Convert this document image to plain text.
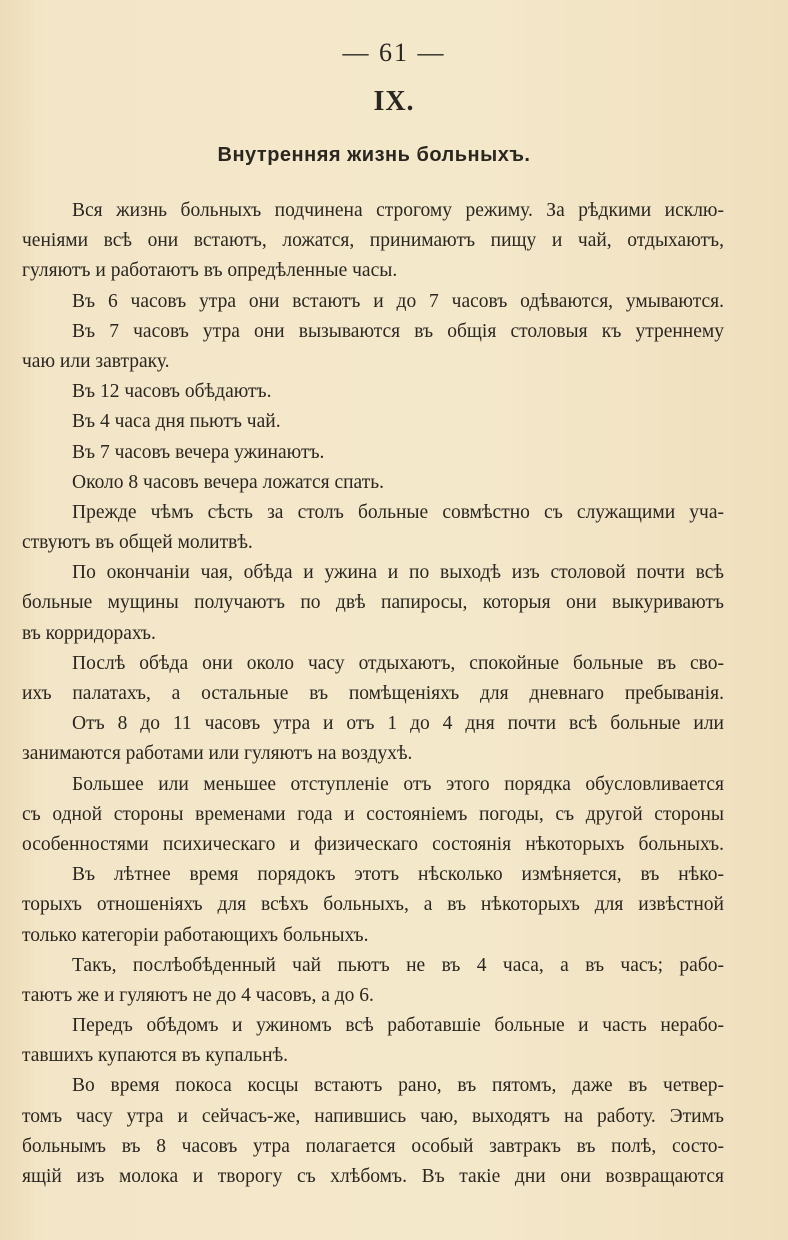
— 61 —
IX.
Внутренняя жизнь больныхъ.
Вся жизнь больныхъ подчинена строгому режиму. За рѣдкими исклю-
ченіями всѣ они встаютъ, ложатся, принимаютъ пищу и чай, отдыхаютъ,
гуляютъ и работаютъ въ опредѣленные часы.
Въ 6 часовъ утра они встаютъ и до 7 часовъ одѣваются, умываются.
Въ 7 часовъ утра они вызываются въ общія столовыя къ утреннему
чаю или завтраку.
Въ 12 часовъ обѣдаютъ.
Въ 4 часа дня пьютъ чай.
Въ 7 часовъ вечера ужинаютъ.
Около 8 часовъ вечера ложатся спать.
Прежде чѣмъ сѣсть за столъ больные совмѣстно съ служащими уча-
ствуютъ въ общей молитвѣ.
По окончаніи чая, обѣда и ужина и по выходѣ изъ столовой почти всѣ
больные мущины получаютъ по двѣ папиросы, которыя они выкуриваютъ
въ корридорахъ.
Послѣ обѣда они около часу отдыхаютъ, спокойные больные въ сво-
ихъ палатахъ, а остальные въ помѣщеніяхъ для дневнаго пребыванія.
Отъ 8 до 11 часовъ утра и отъ 1 до 4 дня почти всѣ больные или
занимаются работами или гуляютъ на воздухѣ.
Большее или меньшее отступленіе отъ этого порядка обусловливается
съ одной стороны временами года и состояніемъ погоды, съ другой стороны
особенностями психическаго и физическаго состоянія нѣкоторыхъ больныхъ.
Въ лѣтнее время порядокъ этотъ нѣсколько измѣняется, въ нѣко-
торыхъ отношеніяхъ для всѣхъ больныхъ, а въ нѣкоторыхъ для извѣстной
только категоріи работающихъ больныхъ.
Такъ, послѣобѣденный чай пьютъ не въ 4 часа, а въ часъ; рабо-
таютъ же и гуляютъ не до 4 часовъ, а до 6.
Передъ обѣдомъ и ужиномъ всѣ работавшіе больные и часть нерабо-
тавшихъ купаются въ купальнѣ.
Во время покоса косцы встаютъ рано, въ пятомъ, даже въ четвер-
томъ часу утра и сейчасъ-же, напившись чаю, выходятъ на работу. Этимъ
больнымъ въ 8 часовъ утра полагается особый завтракъ въ полѣ, состо-
ящій изъ молока и творогу съ хлѣбомъ. Въ такіе дни они возвращаются
